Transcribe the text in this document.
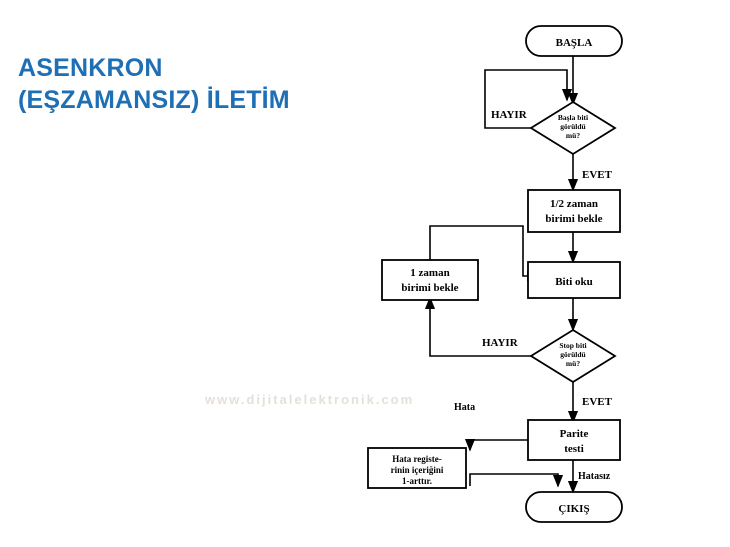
ASENKRON
(EŞZAMANSIZ) İLETİM
www.dijitalelektronik.com
BAŞLA
Başla biti
görüldü
mü?
1/2 zaman
birimi bekle
Biti oku
1 zaman
birimi bekle
Stop biti
görüldü
mü?
Parite
testi
Hata registe-
rinin içeriğini
1-arttır.
ÇIKIŞ
HAYIR
EVET
HAYIR
EVET
Hata
Hatasız
